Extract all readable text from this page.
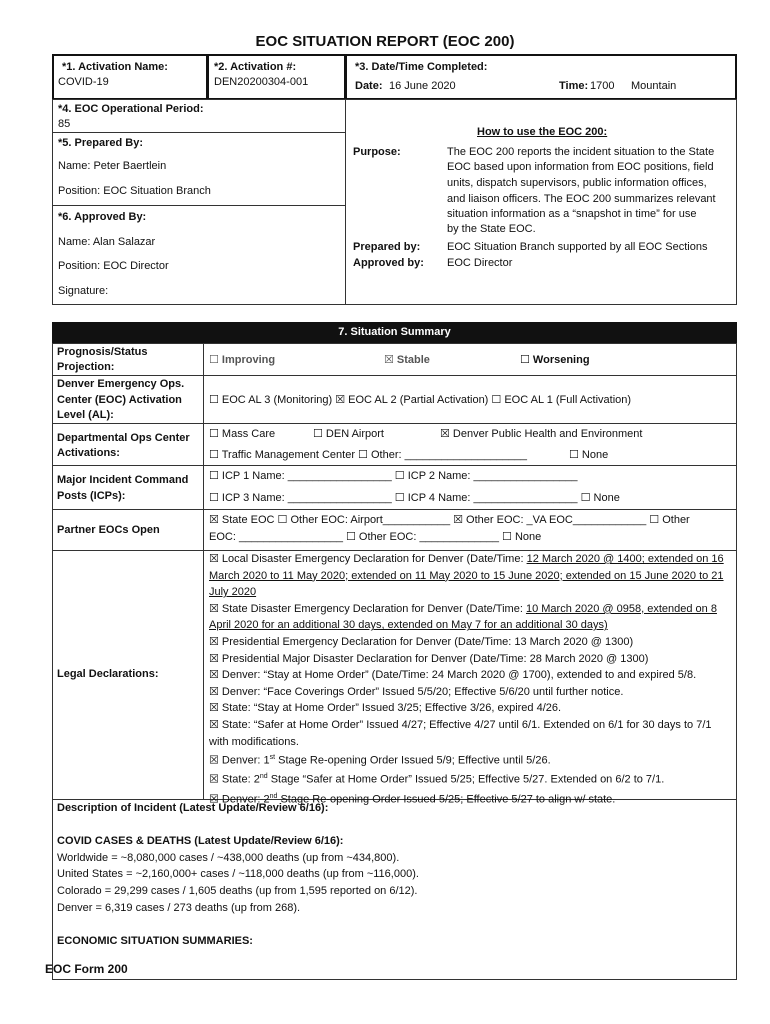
EOC SITUATION REPORT (EOC 200)
*1. Activation Name:
COVID-19
*2. Activation #:
DEN20200304-001
*3. Date/Time Completed:
Date: 16 June 2020	Time: 1700 Mountain
*4. EOC Operational Period:
85
*5. Prepared By:
Name: Peter Baertlein
Position: EOC Situation Branch
*6. Approved By:
Name: Alan Salazar
Position: EOC Director
Signature:
How to use the EOC 200:
Purpose:	The EOC 200 reports the incident situation to the State
EOC based upon information from EOC positions, field
units, dispatch supervisors, public information offices,
and liaison officers. The EOC 200 summarizes relevant
situation information as a “snapshot in time” for use
by the State EOC.
Prepared by: EOC Situation Branch supported by all EOC Sections
Approved by: EOC Director
7. Situation Summary
Prognosis/Status
Projection:
☐ Improving	☒ Stable	☐ Worsening
Denver Emergency Ops.
Center (EOC) Activation
Level (AL):
☐ EOC AL 3 (Monitoring) ☒ EOC AL 2 (Partial Activation) ☐ EOC AL 1 (Full Activation)
Departmental Ops Center
Activations:
☐ Mass Care	☐ DEN Airport	☒ Denver Public Health and Environment
☐ Traffic Management Center ☐ Other: ____________________	☐ None
Major Incident Command
Posts (ICPs):
☐ ICP 1 Name: _________________ ☐ ICP 2 Name: _________________
☐ ICP 3 Name: _________________ ☐ ICP 4 Name: _________________ ☐ None
Partner EOCs Open
☒ State EOC ☐ Other EOC: Airport___________ ☒ Other EOC: _VA EOC____________ ☐ Other
EOC: _________________ ☐ Other EOC: _____________ ☐ None
Legal Declarations:

☒ Local Disaster Emergency Declaration for Denver (Date/Time: 12 March 2020 @ 1400; extended on 16 March 2020 to 11 May 2020; extended on 11 May 2020 to 15 June 2020; extended on 15 June 2020 to 21 July 2020

☒ State Disaster Emergency Declaration for Denver (Date/Time: 10 March 2020 @ 0958, extended on 8 April 2020 for an additional 30 days, extended on May 7 for an additional 30 days)

☒ Presidential Emergency Declaration for Denver (Date/Time: 13 March 2020 @ 1300)

☒ Presidential Major Disaster Declaration for Denver (Date/Time: 28 March 2020 @ 1300)

☒ Denver: “Stay at Home Order” (Date/Time: 24 March 2020 @ 1700), extended to and expired 5/8.

☒ Denver: “Face Coverings Order” Issued 5/5/20; Effective 5/6/20 until further notice.

☒ State: “Stay at Home Order” Issued 3/25; Effective 3/26, expired 4/26.

☒ State: “Safer at Home Order” Issued 4/27; Effective 4/27 until 6/1. Extended on 6/1 for 30 days to 7/1 with modifications.

☒ Denver: 1st Stage Re-opening Order Issued 5/9; Effective until 5/26.

☒ State: 2nd Stage “Safer at Home Order” Issued 5/25; Effective 5/27. Extended on 6/2 to 7/1.

☒ Denver: 2nd Stage Re-opening Order Issued 5/25; Effective 5/27 to align w/ state.

Description of Incident (Latest Update/Review 6/16):

COVID CASES & DEATHS (Latest Update/Review 6/16):

Worldwide = ~8,080,000 cases / ~438,000 deaths (up from ~434,800).

United States = ~2,160,000+ cases / ~118,000 deaths (up from ~116,000).

Colorado = 29,299 cases / 1,605 deaths (up from 1,595 reported on 6/12).

Denver = 6,319 cases / 273 deaths (up from 268).

ECONOMIC SITUATION SUMMARIES:

EOC Form 200
